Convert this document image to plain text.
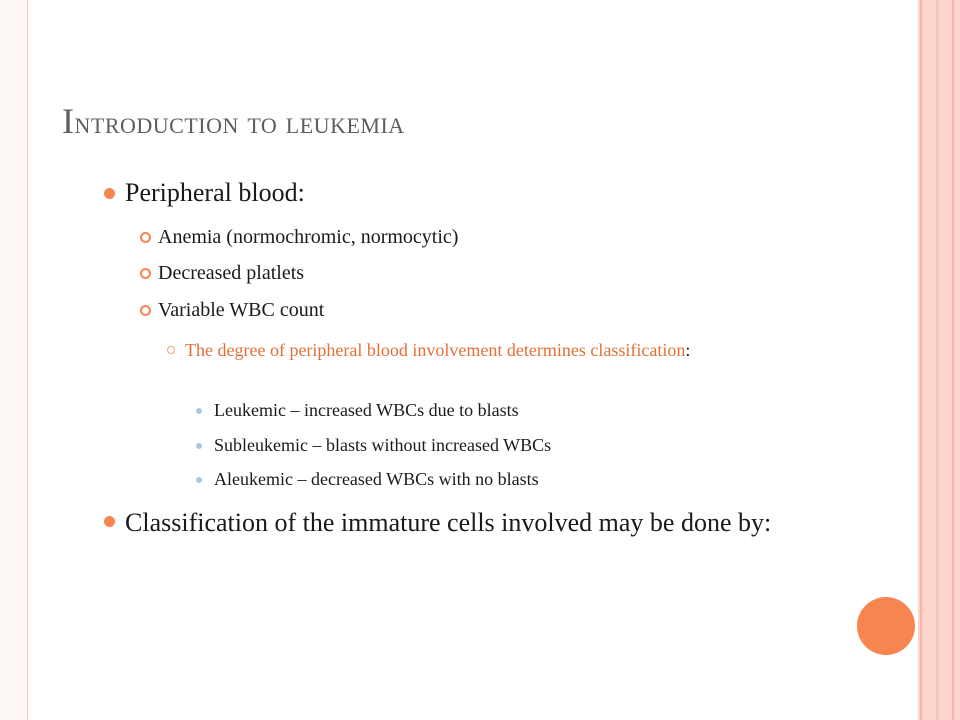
Introduction to leukemia
Peripheral blood:
Anemia (normochromic, normocytic)
Decreased platlets
Variable WBC count
The degree of peripheral blood involvement determines classification:
Leukemic – increased WBCs due to blasts
Subleukemic – blasts without increased WBCs
Aleukemic – decreased WBCs with no blasts
Classification of the immature cells involved may be done by:
